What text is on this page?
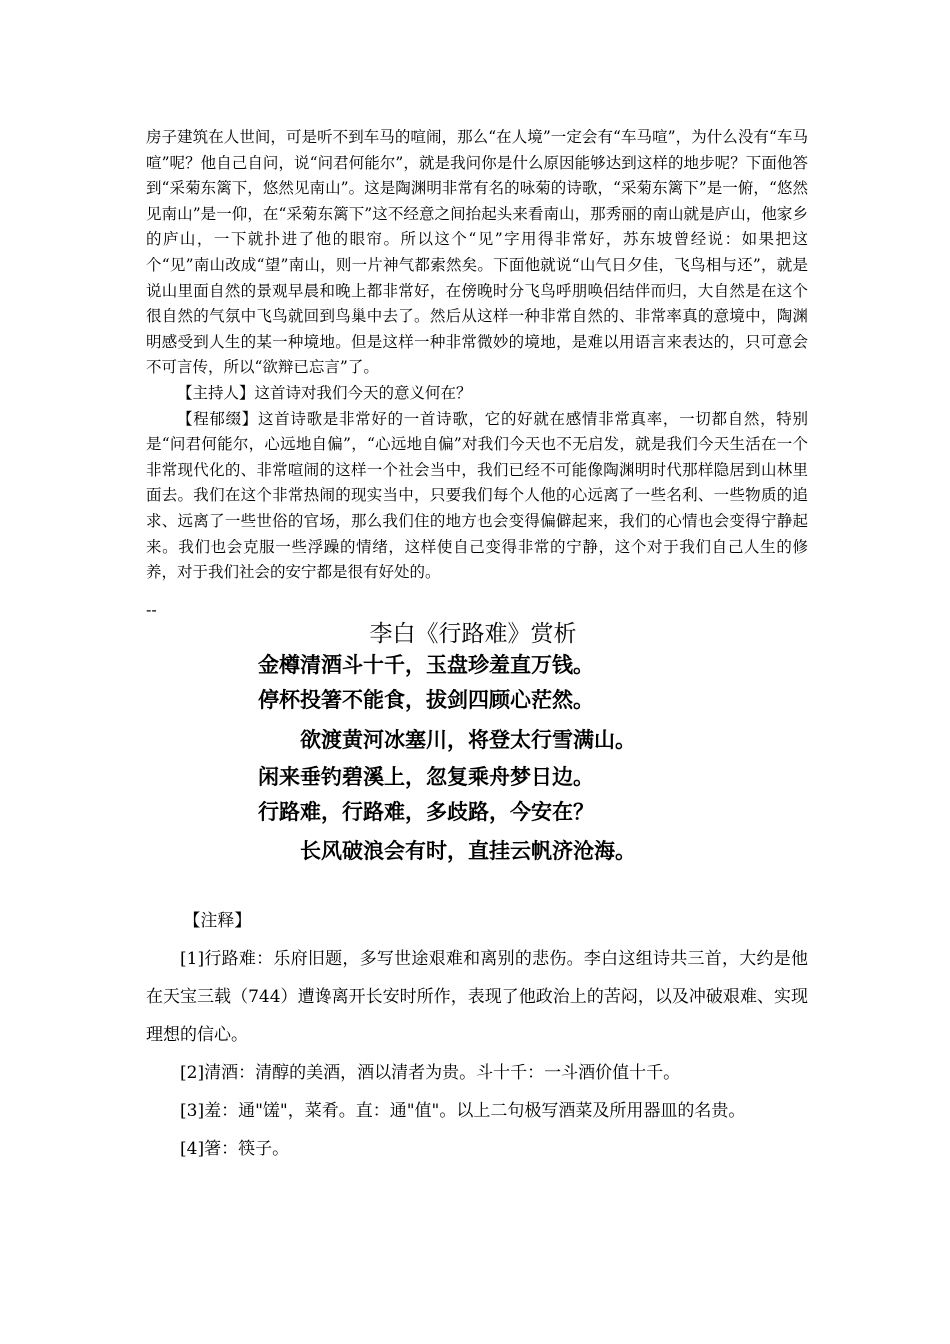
房子建筑在人世间，可是听不到车马的喧闹，那么“在人境”一定会有“车马喧”，为什么没有“车马喧”呢？他自己自问，说“问君何能尔”，就是我问你是什么原因能够达到这样的地步呢？下面他答到“采菊东篱下，悠然见南山”。这是陶渊明非常有名的咏菊的诗歌，“采菊东篱下”是一俯，“悠然见南山”是一仰，在“采菊东篱下”这不经意之间抬起头来看南山，那秀丽的南山就是庐山，他家乡的庐山，一下就扑进了他的眼帘。所以这个“见”字用得非常好，苏东坡曾经说：如果把这个“见”南山改成“望”南山，则一片神气都索然矣。下面他就说“山气日夕佳，飞鸟相与还”，就是说山里面自然的景观早晨和晚上都非常好，在傍晚时分飞鸟呼朋唤侣结伴而归，大自然是在这个很自然的气氛中飞鸟就回到鸟巢中去了。然后从这样一种非常自然的、非常率真的意境中，陶渊明感受到人生的某一种境地。但是这样一种非常微妙的境地，是难以用语言来表达的，只可意会不可言传，所以“欲辩已忘言”了。

【主持人】这首诗对我们今天的意义何在？

【程郁缀】这首诗歌是非常好的一首诗歌，它的好就在感情非常真率，一切都自然，特别是“问君何能尔，心远地自偏”，“心远地自偏”对我们今天也不无启发，就是我们今天生活在一个非常现代化的、非常喧闹的这样一个社会当中，我们已经不可能像陶渊明时代那样隐居到山林里面去。我们在这个非常热闹的现实当中，只要我们每个人他的心远离了一些名利、一些物质的追求、远离了一些世俗的官场，那么我们住的地方也会变得偏僻起来，我们的心情也会变得宁静起来。我们也会克服一些浮躁的情绪，这样使自己变得非常的宁静，这个对于我们自己人生的修养，对于我们社会的安宁都是很有好处的。

--
李白《行路难》赏析
金樽清酒斗十千，玉盘珍羞直万钱。
停杯投箸不能食，拔剑四顾心茫然。
欲渡黄河冰塞川，将登太行雪满山。
闲来垂钓碧溪上，忽复乘舟梦日边。
行路难，行路难，多歧路，今安在？
长风破浪会有时，直挂云帆济沧海。

【注释】

[1]行路难：乐府旧题，多写世途艰难和离别的悲伤。李白这组诗共三首，大约是他在天宝三载（744）遭谗离开长安时所作，表现了他政治上的苦闷，以及冲破艰难、实现理想的信心。

[2]清酒：清醇的美酒，酒以清者为贵。斗十千：一斗酒价值十千。

[3]羞：通"馐"，菜肴。直：通"值"。以上二句极写酒菜及所用器皿的名贵。

[4]箸：筷子。
